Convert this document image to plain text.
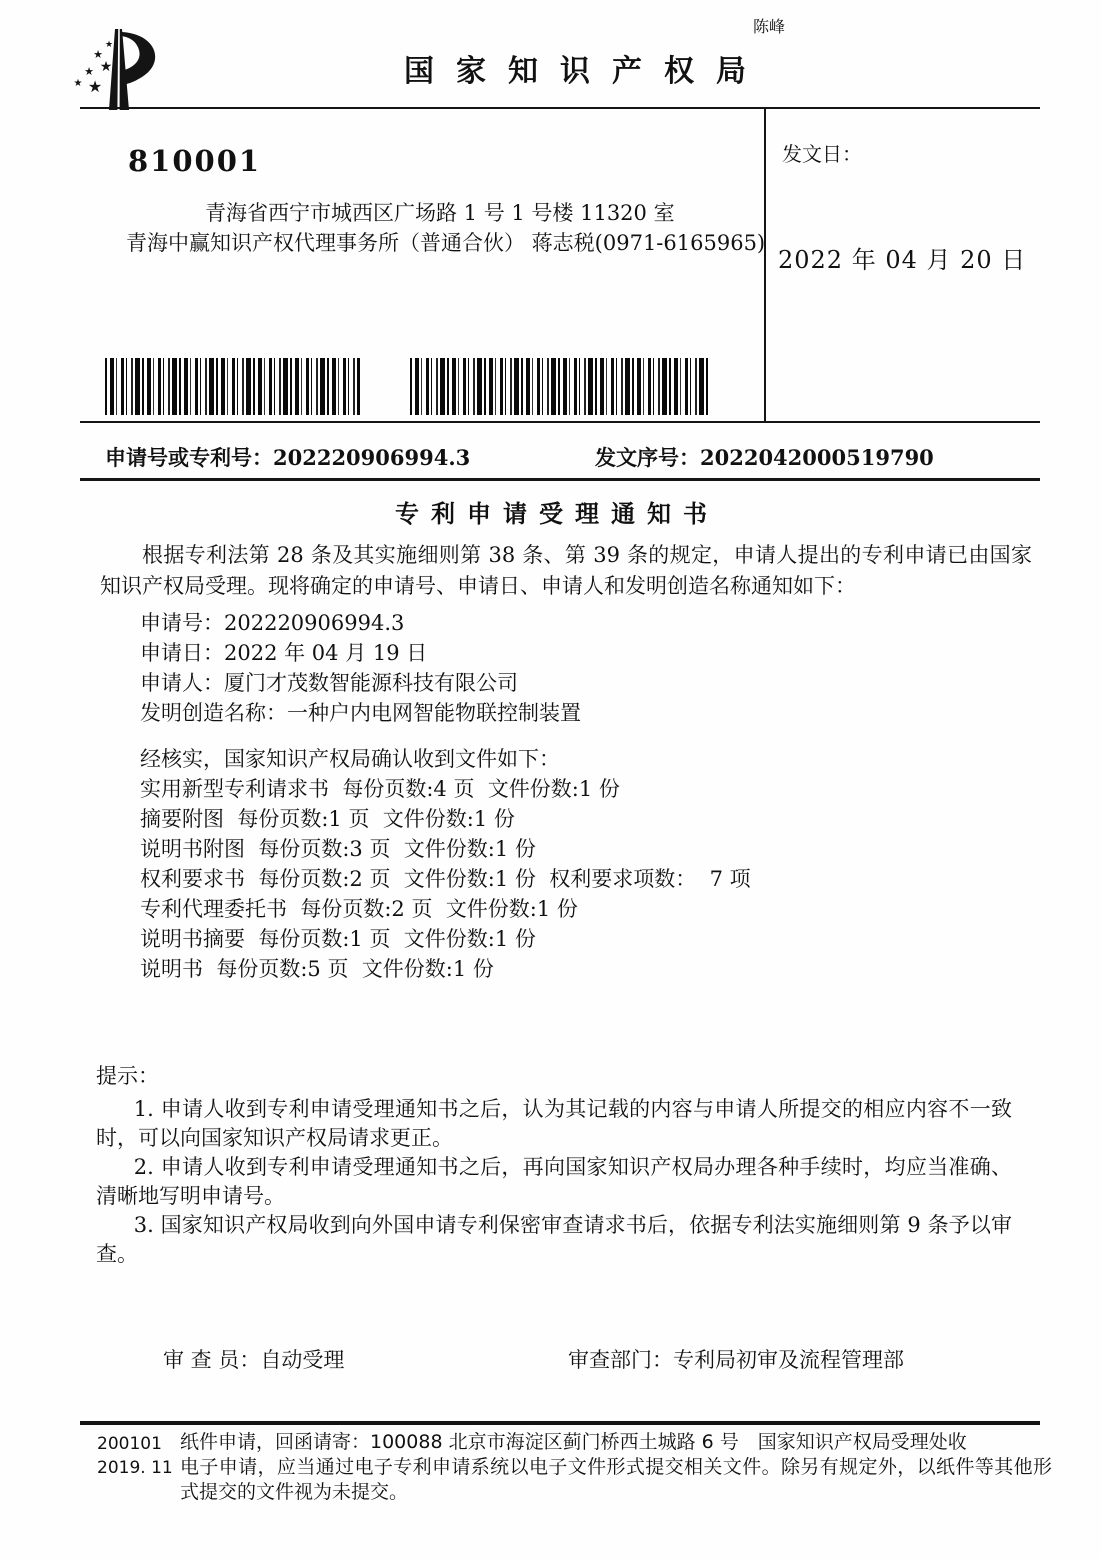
陈峰
★
★
★
★
★ ★	国家知识产权局
810001
青海省西宁市城西区广场路 1 号 1 号楼 11320 室
青海中赢知识产权代理事务所（普通合伙） 蒋志税(0971-6165965)
发文日：
2022 年 04 月 20 日
申请号或专利号：202220906994.3	发文序号：2022042000519790
专利申请受理通知书
根据专利法第 28 条及其实施细则第 38 条、第 39 条的规定，申请人提出的专利申请已由国家知识产权局受理。现将确定的申请号、申请日、申请人和发明创造名称通知如下：
申请号：202220906994.3
申请日：2022 年 04 月 19 日
申请人：厦门才茂数智能源科技有限公司
发明创造名称：一种户内电网智能物联控制装置
经核实，国家知识产权局确认收到文件如下：
实用新型专利请求书  每份页数:4 页  文件份数:1 份
摘要附图  每份页数:1 页  文件份数:1 份
说明书附图  每份页数:3 页  文件份数:1 份
权利要求书  每份页数:2 页  文件份数:1 份  权利要求项数：  7 项
专利代理委托书  每份页数:2 页  文件份数:1 份
说明书摘要  每份页数:1 页  文件份数:1 份
说明书  每份页数:5 页  文件份数:1 份
提示：

1. 申请人收到专利申请受理通知书之后，认为其记载的内容与申请人所提交的相应内容不一致时，可以向国家知识产权局请求更正。

2. 申请人收到专利申请受理通知书之后，再向国家知识产权局办理各种手续时，均应当准确、清晰地写明申请号。

3. 国家知识产权局收到向外国申请专利保密审查请求书后，依据专利法实施细则第 9 条予以审查。

审 查 员：自动受理	审查部门：专利局初审及流程管理部
200101
2019. 11
纸件申请，回函请寄：100088 北京市海淀区蓟门桥西土城路 6 号　国家知识产权局受理处收
电子申请，应当通过电子专利申请系统以电子文件形式提交相关文件。除另有规定外，以纸件等其他形式提交的文件视为未提交。
